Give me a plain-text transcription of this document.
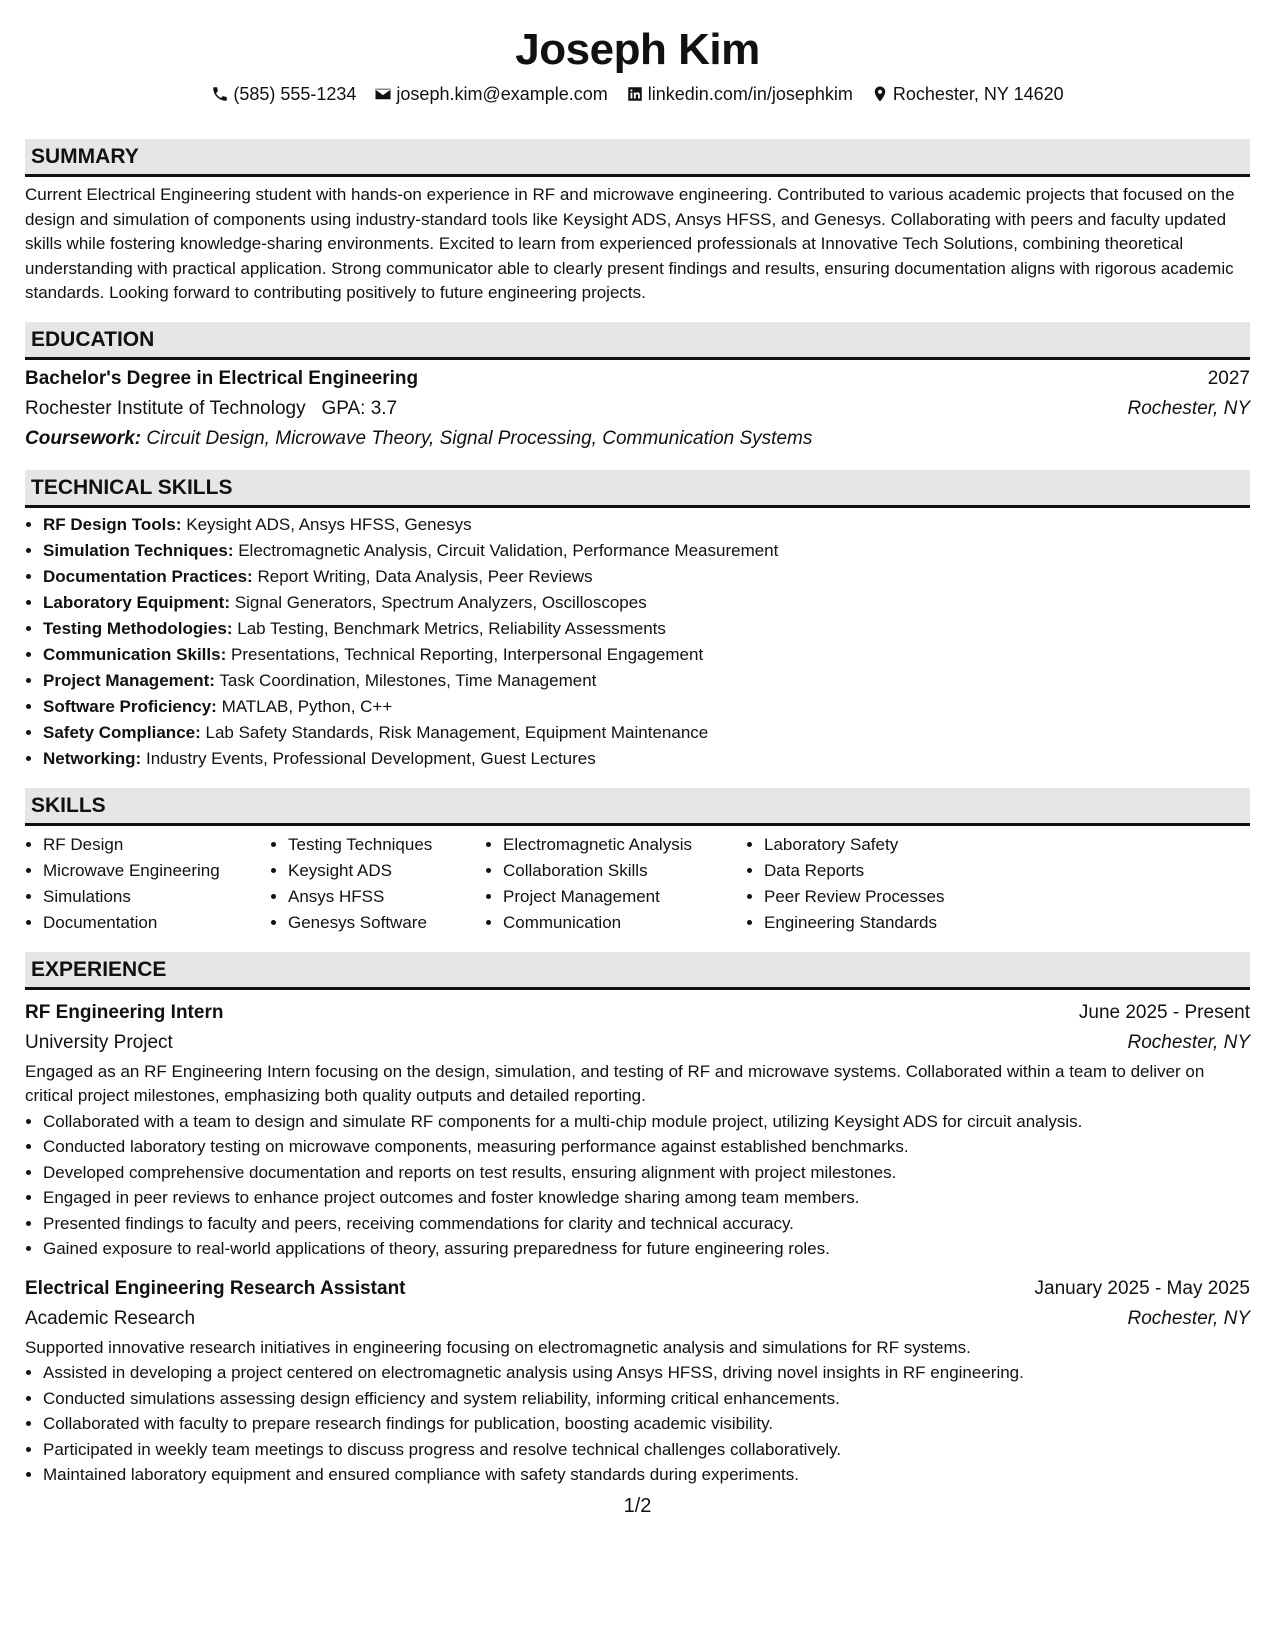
Joseph Kim
(585) 555-1234 joseph.kim@example.com linkedin.com/in/josephkim Rochester, NY 14620
SUMMARY
Current Electrical Engineering student with hands-on experience in RF and microwave engineering. Contributed to various academic projects that focused on the design and simulation of components using industry-standard tools like Keysight ADS, Ansys HFSS, and Genesys. Collaborating with peers and faculty updated skills while fostering knowledge-sharing environments. Excited to learn from experienced professionals at Innovative Tech Solutions, combining theoretical understanding with practical application. Strong communicator able to clearly present findings and results, ensuring documentation aligns with rigorous academic standards. Looking forward to contributing positively to future engineering projects.
EDUCATION
Bachelor's Degree in Electrical Engineering	2027
Rochester Institute of Technology GPA: 3.7	Rochester, NY
Coursework: Circuit Design, Microwave Theory, Signal Processing, Communication Systems
TECHNICAL SKILLS
• RF Design Tools: Keysight ADS, Ansys HFSS, Genesys
• Simulation Techniques: Electromagnetic Analysis, Circuit Validation, Performance Measurement
• Documentation Practices: Report Writing, Data Analysis, Peer Reviews
• Laboratory Equipment: Signal Generators, Spectrum Analyzers, Oscilloscopes
• Testing Methodologies: Lab Testing, Benchmark Metrics, Reliability Assessments
• Communication Skills: Presentations, Technical Reporting, Interpersonal Engagement
• Project Management: Task Coordination, Milestones, Time Management
• Software Proficiency: MATLAB, Python, C++
• Safety Compliance: Lab Safety Standards, Risk Management, Equipment Maintenance
• Networking: Industry Events, Professional Development, Guest Lectures
SKILLS
• RF Design
• Microwave Engineering
• Simulations
• Documentation
• Testing Techniques
• Keysight ADS
• Ansys HFSS
• Genesys Software
• Electromagnetic Analysis
• Collaboration Skills
• Project Management
• Communication
• Laboratory Safety
• Data Reports
• Peer Review Processes
• Engineering Standards
EXPERIENCE
RF Engineering Intern	June 2025 - Present
University Project	Rochester, NY
Engaged as an RF Engineering Intern focusing on the design, simulation, and testing of RF and microwave systems. Collaborated within a team to deliver on critical project milestones, emphasizing both quality outputs and detailed reporting.
• Collaborated with a team to design and simulate RF components for a multi-chip module project, utilizing Keysight ADS for circuit analysis.
• Conducted laboratory testing on microwave components, measuring performance against established benchmarks.
• Developed comprehensive documentation and reports on test results, ensuring alignment with project milestones.
• Engaged in peer reviews to enhance project outcomes and foster knowledge sharing among team members.
• Presented findings to faculty and peers, receiving commendations for clarity and technical accuracy.
• Gained exposure to real-world applications of theory, assuring preparedness for future engineering roles.
Electrical Engineering Research Assistant	January 2025 - May 2025
Academic Research	Rochester, NY
Supported innovative research initiatives in engineering focusing on electromagnetic analysis and simulations for RF systems.
• Assisted in developing a project centered on electromagnetic analysis using Ansys HFSS, driving novel insights in RF engineering.
• Conducted simulations assessing design efficiency and system reliability, informing critical enhancements.
• Collaborated with faculty to prepare research findings for publication, boosting academic visibility.
• Participated in weekly team meetings to discuss progress and resolve technical challenges collaboratively.
• Maintained laboratory equipment and ensured compliance with safety standards during experiments.
1/2
